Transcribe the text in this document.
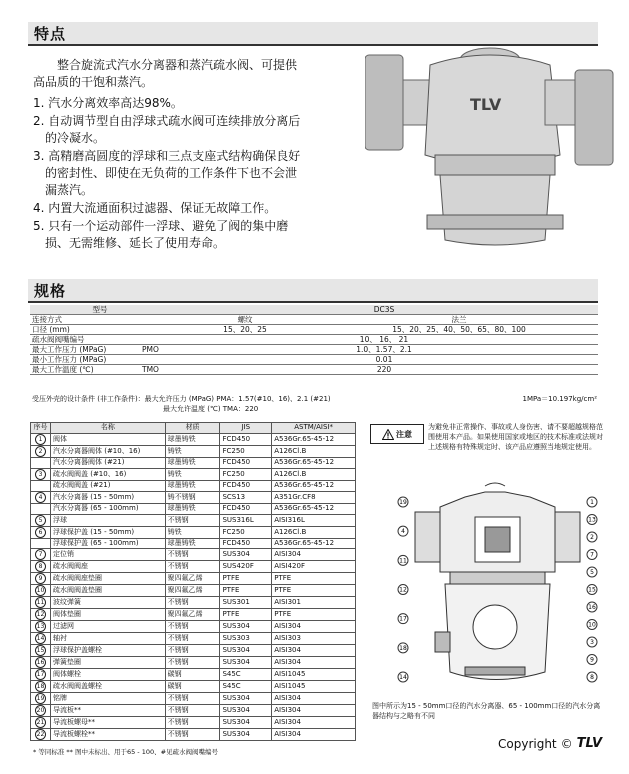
特点

整合旋流式汽水分离器和蒸汽疏水阀、可提供高品质的干饱和蒸汽。

1. 汽水分离效率高达98%。
2. 自动调节型自由浮球式疏水阀可连续排放分离后的冷凝水。
3. 高精磨高圆度的浮球和三点支座式结构确保良好的密封性、即使在无负荷的工作条件下也不会泄漏蒸汽。
4. 内置大流通面积过滤器、保证无故障工作。
5. 只有一个运动部件一浮球、避免了阀的集中磨损、无需维修、延长了使用寿命。
TLV
规格
型号		DC3S	
连接方式		螺纹	法兰
口径 (mm)		15、20、25	15、20、25、40、50、65、80、100
疏水阀阀嘴编号		10、 16、 21	
最大工作压力 (MPaG)	PMO	1.0、1.57、2.1	
最小工作压力 (MPaG)		0.01	
最大工作温度 (℃)	TMO	220	
受压外壳的设计条件 (非工作条件)：最大允许压力 (MPaG) PMA：1.57(#10、16)、2.1 (#21)
最大允许温度 (℃) TMA：220
1MPa＝10.197kg/cm²
序号	名称	材质	JIS	ASTM/AISI*
1	阀体	球墨铸铁	FCD450	A536Gr.65-45-12
2	汽水分离器阀体 (#10、16)	铸铁	FC250	A126Cl.B
	汽水分离器阀体 (#21)	球墨铸铁	FCD450	A536Gr.65-45-12
3	疏水阀阀盖 (#10、16)	铸铁	FC250	A126Cl.B
	疏水阀阀盖 (#21)	球墨铸铁	FCD450	A536Gr.65-45-12
4	汽水分离器 (15 - 50mm)	铸不锈钢	SCS13	A351Gr.CF8
	汽水分离器 (65 - 100mm)	球墨铸铁	FCD450	A536Gr.65-45-12
5	浮球	不锈钢	SUS316L	AISI316L
6	浮球保护盖 (15 - 50mm)	铸铁	FC250	A126Cl.B
	浮球保护盖 (65 - 100mm)	球墨铸铁	FCD450	A536Gr.65-45-12
7	定位销	不锈钢	SUS304	AISI304
8	疏水阀阀座	不锈钢	SUS420F	AISI420F
9	疏水阀阀座垫圈	聚四氟乙烯	PTFE	PTFE
10	疏水阀阀盖垫圈	聚四氟乙烯	PTFE	PTFE
11	波纹弹簧	不锈钢	SUS301	AISI301
12	阀体垫圈	聚四氟乙烯	PTFE	PTFE
13	过滤网	不锈钢	SUS304	AISI304
14	轴衬	不锈钢	SUS303	AISI303
15	浮球保护盖螺栓	不锈钢	SUS304	AISI304
16	弹簧垫圈	不锈钢	SUS304	AISI304
17	阀体螺栓	碳钢	S45C	AISI1045
18	疏水阀阀盖螺栓	碳钢	S45C	AISI1045
19	铭牌	不锈钢	SUS304	AISI304
20	导流板**	不锈钢	SUS304	AISI304
21	导流板螺母**	不锈钢	SUS304	AISI304
22	导流板螺栓**	不锈钢	SUS304	AISI304
* 等同标准 ** 图中未标出、用于65 - 100、#见疏水阀阀嘴编号
注意
为避免非正常操作、事故或人身伤害、请不要超越规格范围使用本产品。如果使用国家或地区的技术标准或法规对上述规格有特殊规定时、该产品应遵照当地规定使用。
19
4
11
12
17
18
14
1
13
2
7
5
15
16
10
3
9
8
图中所示为15 - 50mm口径的汽水分离器、65 - 100mm口径的汽水分离器结构与之略有不同
Copyright © TLV
